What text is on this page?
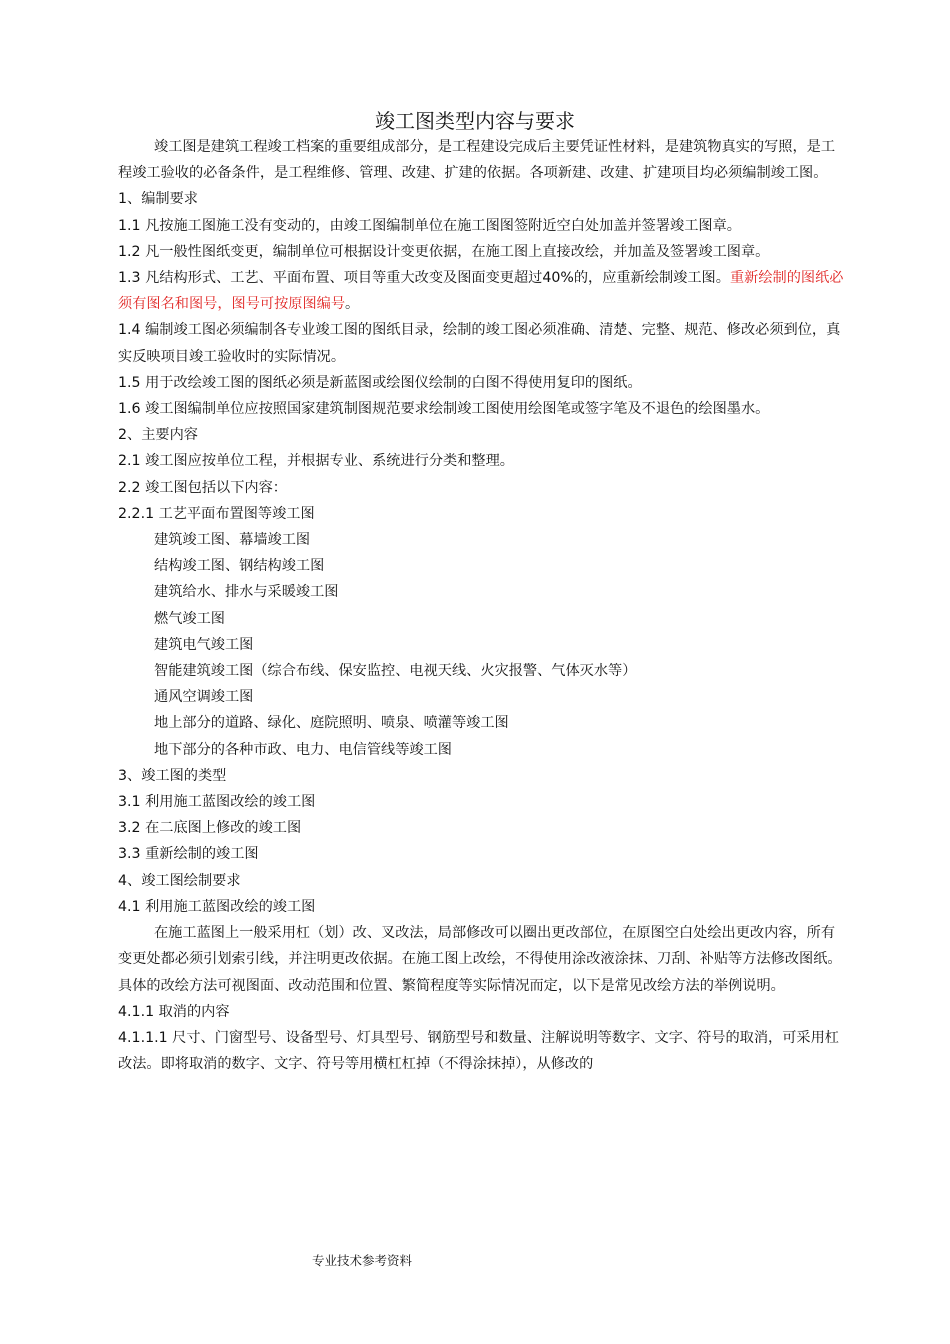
竣工图类型内容与要求

竣工图是建筑工程竣工档案的重要组成部分，是工程建设完成后主要凭证性材料，是建筑物真实的写照，是工程竣工验收的必备条件，是工程维修、管理、改建、扩建的依据。各项新建、改建、扩建项目均必须编制竣工图。

1、编制要求

1.1 凡按施工图施工没有变动的，由竣工图编制单位在施工图图签附近空白处加盖并签署竣工图章。

1.2 凡一般性图纸变更，编制单位可根据设计变更依据，在施工图上直接改绘，并加盖及签署竣工图章。

1.3 凡结构形式、工艺、平面布置、项目等重大改变及图面变更超过40%的，应重新绘制竣工图。重新绘制的图纸必须有图名和图号，图号可按原图编号。

1.4 编制竣工图必须编制各专业竣工图的图纸目录，绘制的竣工图必须准确、清楚、完整、规范、修改必须到位，真实反映项目竣工验收时的实际情况。

1.5 用于改绘竣工图的图纸必须是新蓝图或绘图仪绘制的白图不得使用复印的图纸。

1.6 竣工图编制单位应按照国家建筑制图规范要求绘制竣工图使用绘图笔或签字笔及不退色的绘图墨水。

2、主要内容

2.1 竣工图应按单位工程，并根据专业、系统进行分类和整理。

2.2 竣工图包括以下内容：

2.2.1 工艺平面布置图等竣工图

建筑竣工图、幕墙竣工图

结构竣工图、钢结构竣工图

建筑给水、排水与采暖竣工图

燃气竣工图

建筑电气竣工图

智能建筑竣工图（综合布线、保安监控、电视天线、火灾报警、气体灭水等）

通风空调竣工图

地上部分的道路、绿化、庭院照明、喷泉、喷灌等竣工图

地下部分的各种市政、电力、电信管线等竣工图

3、竣工图的类型

3.1 利用施工蓝图改绘的竣工图

3.2 在二底图上修改的竣工图

3.3 重新绘制的竣工图

4、竣工图绘制要求

4.1 利用施工蓝图改绘的竣工图

在施工蓝图上一般采用杠（划）改、叉改法，局部修改可以圈出更改部位，在原图空白处绘出更改内容，所有变更处都必须引划索引线，并注明更改依据。在施工图上改绘，不得使用涂改液涂抹、刀刮、补贴等方法修改图纸。具体的改绘方法可视图面、改动范围和位置、繁简程度等实际情况而定，以下是常见改绘方法的举例说明。

4.1.1 取消的内容

4.1.1.1 尺寸、门窗型号、设备型号、灯具型号、钢筋型号和数量、注解说明等数字、文字、符号的取消，可采用杠改法。即将取消的数字、文字、符号等用横杠杠掉（不得涂抹掉），从修改的

专业技术参考资料
